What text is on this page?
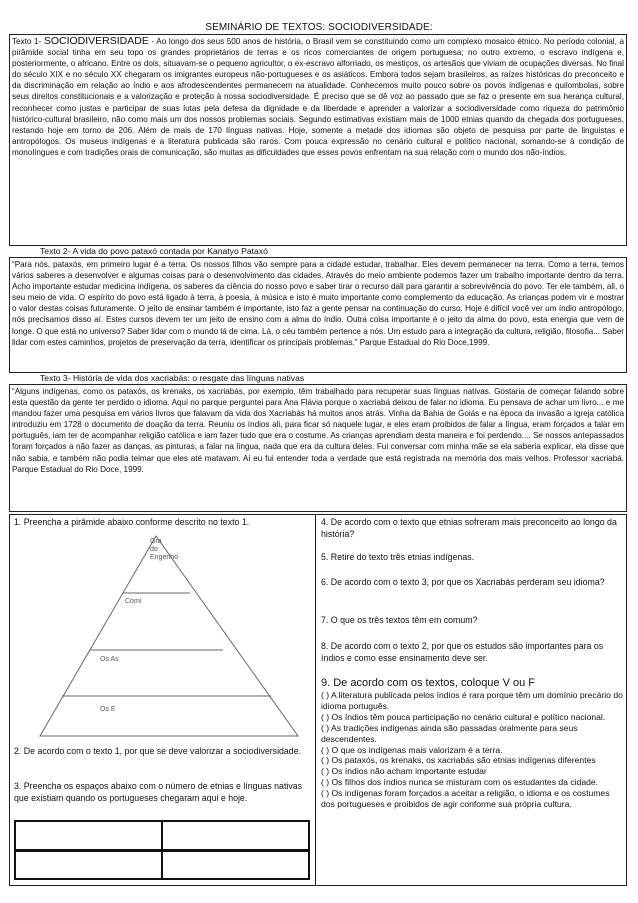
SEMINÁRIO DE TEXTOS: SOCIODIVERSIDADE:

Texto 1- SOCIODIVERSIDADE - Ao longo dos seus 500 anos de história, o Brasil vem se constituindo como um complexo mosaico étnico. No período colonial, a pirâmide social tinha em seu topo os grandes proprietários de terras e os ricos comerciantes de origem portuguesa; no outro extremo, o escravo indígena e, posteriormente, o africano. Entre os dois, situavam-se o pequeno agricultor, o ex-escravo alforriado, os mestiços, os artesãos que viviam de ocupações diversas. No final do século XIX e no século XX chegaram os imigrantes europeus não-portugueses e os asiáticos. Embora todos sejam brasileiros, as raízes históricas do preconceito e da discriminação em relação ao índio e aos afrodescendentes permanecem na atualidade. Conhecemos muito pouco sobre os povos indígenas e quilombolas, sobre seus direitos constitucionais e a valorização e proteção à nossa sociodiversidade. É preciso que se dê voz ao passado que se faz o presente em sua herança cultural, reconhecer como justas e participar de suas lutas pela defesa da dignidade e da liberdade e aprender a valorizar a sociodiversidade como riqueza do patrimônio histórico-cultural brasileiro, não como mais um dos nossos problemas sociais. Segundo estimativas existiam mais de 1000 etnias quando da chegada dos portugueses, restando hoje em torno de 206. Além de mais de 170 línguas nativas. Hoje, somente a metade dos idiomas são objeto de pesquisa por parte de linguistas e antropólogos. Os museus indígenas e a literatura publicada são raros. Com pouca expressão no cenário cultural e político nacional, somando-se à condição de monolíngues e com tradições orais de comunicação, são muitas as dificuldades que esses povos enfrentam na sua relação com o mundo dos não-índios.

Texto 2- A vida do povo pataxó contada por Kanatyo Pataxó

“Para nós, pataxós, em primeiro lugar é a terra. Os nossos filhos vão sempre para a cidade estudar, trabalhar. Eles devem permanecer na terra. Como a terra, temos vários saberes a desenvolver e algumas coisas para o desenvolvimento das cidades. Através do meio ambiente podemos fazer um trabalho importante dentro da terra. Acho importante estudar medicina indígena, os saberes da ciência do nosso povo e saber tirar o recurso dali para garantir a sobrevivência do povo. Ter ele também, ali, o seu meio de vida. O espírito do povo está ligado à terra, à poesia, à música e isto é muito importante como complemento da educação. As crianças podem vir e mostrar o valor destas coisas futuramente. O jeito de ensinar também é importante, isto faz a gente pensar na continuação do curso. Hoje é difícil você ver um índio antropólogo, nós precisamos disso aí. Estes cursos devem ter um jeito de ensino com a alma do índio. Outra coisa importante é o jeito da alma do povo, esta energia que vem de longe. O que está no universo? Saber lidar com o mundo lá de cima. Lá, o céu também pertence a nós. Um estudo para a integração da cultura, religião, filosofia... Saber lidar com estes caminhos, projetos de preservação da terra, identificar os principais problemas.” Parque Estadual do Rio Doce,1999.

Texto 3- História de vida dos xacriabás: o resgate das línguas nativas

“Alguns indígenas, como os pataxós, os krenaks, os xacriabás, por exemplo, têm trabalhado para recuperar suas línguas nativas. Gostaria de começar falando sobre esta questão da gente ter perdido o idioma. Aqui no parque perguntei para Ana Flávia porque o xacriabá deixou de falar no idioma. Eu pensava de achar um livro... e me mandou fazer uma pesquisa em vários livros que falavam da vida dos Xacriabás há muitos anos atrás. Vinha da Bahia de Goiás e na época da invasão a igreja católica introduziu em 1728 o documento de doação da terra. Reuniu os índios ali, para ficar só naquele lugar, e eles eram proibidos de falar a língua, eram forçados a falar em português, iam ter de acompanhar religião católica e iam fazer tudo que era o costume. As crianças aprendiam desta maneira e foi perdendo.... Se nossos antepassados foram forçados a não fazer as danças, as pinturas, a falar na língua, nada que era da cultura deles. Fui conversar com minha mãe se ela saberia explicar, ela disse que não sabia, e também não podia teimar que eles até matavam. Aí eu fui entender toda a verdade que está registrada na memória dos mais velhos. Professor xacriabá. Parque Estadual do Rio Doce, 1999.

1. Preencha a pirâmide abaixo conforme descrito no texto 1.
Gra
do
Engenho
Comi
Os As
Os E
2. De acordo com o texto 1, por que se deve valorizar a sociodiversidade.
3. Preencha os espaços abaixo com o número de etnias e línguas nativas que existiam quando os portugueses chegaram aqui e hoje.
4. De acordo com o texto que etnias sofreram mais preconceito ao longo da história?
5. Retire do texto três etnias indígenas.
6. De acordo com o texto 3, por que os Xacriabás perderam seu idioma?
7. O que os três textos têm em comum?
8. De acordo com o texto 2, por que os estudos são importantes para os índios e como esse ensinamento deve ser.
9. De acordo com os textos, coloque V ou F
( ) A literatura publicada pelos índios é rara porque têm um domínio precário do idioma português.
( ) Os índios têm pouca participação no cenário cultural e político nacional.
( ) As tradições indígenas ainda são passadas oralmente para seus descendentes.
( ) O que os indígenas mais valorizam é a terra.
( ) Os pataxós, os krenaks, os xacriabás são etnias indígenas diferentes
( ) Os índios não acham importante estudar
( ) Os filhos dos índios nunca se misturam com os estudantes da cidade.
( ) Os indígenas foram forçados a aceitar a religião, o idioma e os costumes dos portugueses e proibidos de agir conforme sua própria cultura.
